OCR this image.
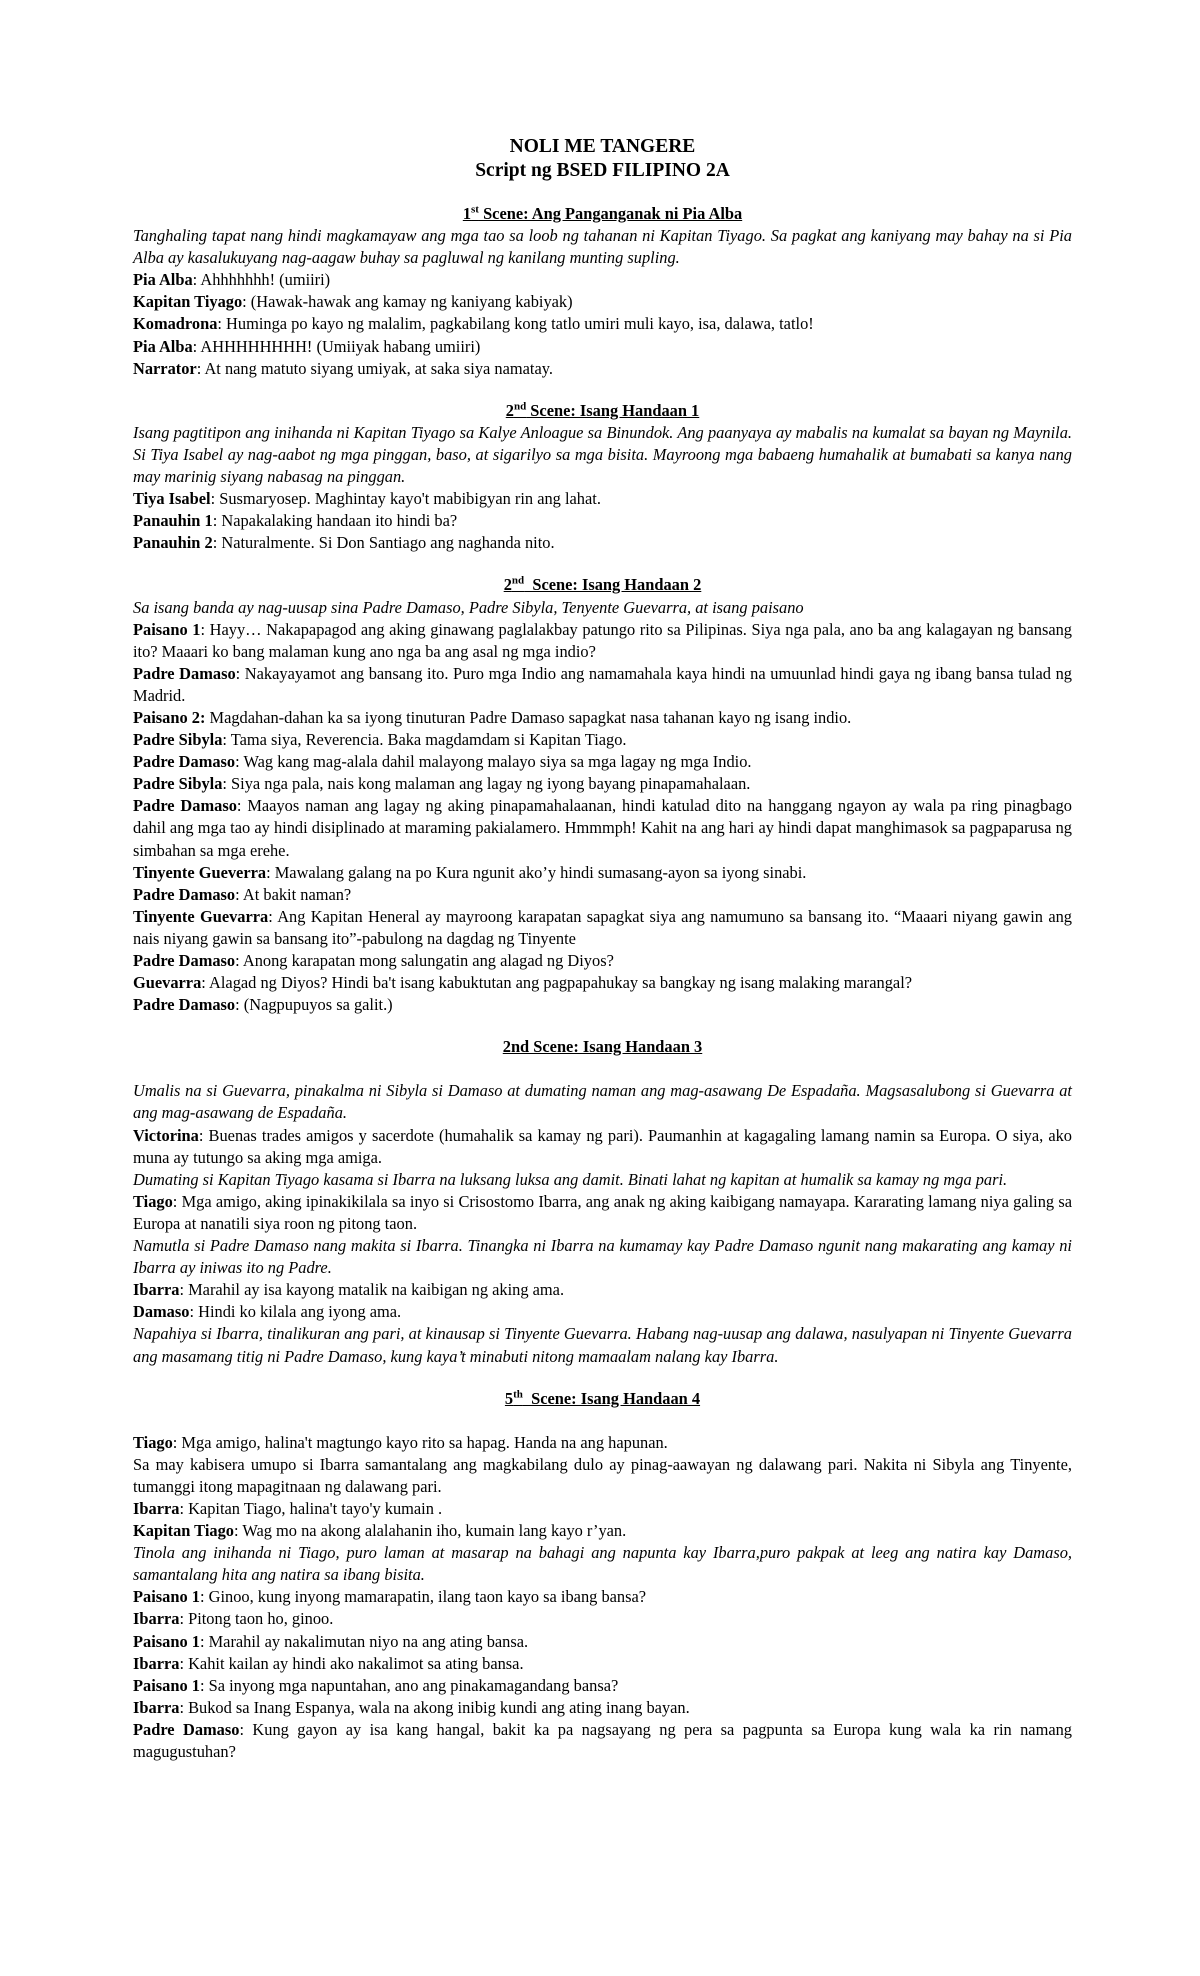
NOLI ME TANGERE
Script ng BSED FILIPINO 2A
1st Scene: Ang Panganganak ni Pia Alba

Tanghaling tapat nang hindi magkamayaw ang mga tao sa loob ng tahanan ni Kapitan Tiyago. Sa pagkat ang kaniyang may bahay na si Pia Alba ay kasalukuyang nag-aagaw buhay sa pagluwal ng kanilang munting supling.

Pia Alba: Ahhhhhhh! (umiiri)

Kapitan Tiyago: (Hawak-hawak ang kamay ng kaniyang kabiyak)

Komadrona: Huminga po kayo ng malalim, pagkabilang kong tatlo umiri muli kayo, isa, dalawa, tatlo!

Pia Alba: AHHHHHHHH! (Umiiyak habang umiiri)

Narrator: At nang matuto siyang umiyak, at saka siya namatay.

2nd Scene: Isang Handaan 1

Isang pagtitipon ang inihanda ni Kapitan Tiyago sa Kalye Anloague sa Binundok. Ang paanyaya ay mabalis na kumalat sa bayan ng Maynila. Si Tiya Isabel ay nag-aabot ng mga pinggan, baso, at sigarilyo sa mga bisita. Mayroong mga babaeng humahalik at bumabati sa kanya nang may marinig siyang nabasag na pinggan.

Tiya Isabel: Susmaryosep. Maghintay kayo't mabibigyan rin ang lahat.

Panauhin 1: Napakalaking handaan ito hindi ba?

Panauhin 2: Naturalmente. Si Don Santiago ang naghanda nito.

2nd  Scene: Isang Handaan 2

Sa isang banda ay nag-uusap sina Padre Damaso, Padre Sibyla, Tenyente Guevarra, at isang paisano

Paisano 1: Hayy… Nakapapagod ang aking ginawang paglalakbay patungo rito sa Pilipinas. Siya nga pala, ano ba ang kalagayan ng bansang ito? Maaari ko bang malaman kung ano nga ba ang asal ng mga indio?

Padre Damaso: Nakayayamot ang bansang ito. Puro mga Indio ang namamahala kaya hindi na umuunlad hindi gaya ng ibang bansa tulad ng Madrid.

Paisano 2: Magdahan-dahan ka sa iyong tinuturan Padre Damaso sapagkat nasa tahanan kayo ng isang indio.

Padre Sibyla: Tama siya, Reverencia. Baka magdamdam si Kapitan Tiago.

Padre Damaso: Wag kang mag-alala dahil malayong malayo siya sa mga lagay ng mga Indio.

Padre Sibyla: Siya nga pala, nais kong malaman ang lagay ng iyong bayang pinapamahalaan.

Padre Damaso: Maayos naman ang lagay ng aking pinapamahalaanan, hindi katulad dito na hanggang ngayon ay wala pa ring pinagbago dahil ang mga tao ay hindi disiplinado at maraming pakialamero. Hmmmph! Kahit na ang hari ay hindi dapat manghimasok sa pagpaparusa ng simbahan sa mga erehe.

Tinyente Gueverra: Mawalang galang na po Kura ngunit ako’y hindi sumasang-ayon sa iyong sinabi.

Padre Damaso: At bakit naman?

Tinyente Guevarra: Ang Kapitan Heneral ay mayroong karapatan sapagkat siya ang namumuno sa bansang ito. “Maaari niyang gawin ang nais niyang gawin sa bansang ito”-pabulong na dagdag ng Tinyente

Padre Damaso: Anong karapatan mong salungatin ang alagad ng Diyos?

Guevarra: Alagad ng Diyos? Hindi ba't isang kabuktutan ang pagpapahukay sa bangkay ng isang malaking marangal?

Padre Damaso: (Nagpupuyos sa galit.)

2nd Scene: Isang Handaan 3

Umalis na si Guevarra, pinakalma ni Sibyla si Damaso at dumating naman ang mag-asawang De Espadaña. Magsasalubong si Guevarra at ang mag-asawang de Espadaña.

Victorina: Buenas trades amigos y sacerdote (humahalik sa kamay ng pari). Paumanhin at kagagaling lamang namin sa Europa. O siya, ako muna ay tutungo sa aking mga amiga.

Dumating si Kapitan Tiyago kasama si Ibarra na luksang luksa ang damit. Binati lahat ng kapitan at humalik sa kamay ng mga pari.

Tiago: Mga amigo, aking ipinakikilala sa inyo si Crisostomo Ibarra, ang anak ng aking kaibigang namayapa. Kararating lamang niya galing sa Europa at nanatili siya roon ng pitong taon.

Namutla si Padre Damaso nang makita si Ibarra. Tinangka ni Ibarra na kumamay kay Padre Damaso ngunit nang makarating ang kamay ni Ibarra ay iniwas ito ng Padre.

Ibarra: Marahil ay isa kayong matalik na kaibigan ng aking ama.

Damaso: Hindi ko kilala ang iyong ama.

Napahiya si Ibarra, tinalikuran ang pari, at kinausap si Tinyente Guevarra. Habang nag-uusap ang dalawa, nasulyapan ni Tinyente Guevarra ang masamang titig ni Padre Damaso, kung kaya’t minabuti nitong mamaalam nalang kay Ibarra.

5th  Scene: Isang Handaan 4

Tiago: Mga amigo, halina't magtungo kayo rito sa hapag. Handa na ang hapunan.

Sa may kabisera umupo si Ibarra samantalang ang magkabilang dulo ay pinag-aawayan ng dalawang pari. Nakita ni Sibyla ang Tinyente, tumanggi itong mapagitnaan ng dalawang pari.

Ibarra: Kapitan Tiago, halina't tayo'y kumain .

Kapitan Tiago: Wag mo na akong alalahanin iho, kumain lang kayo r’yan.

Tinola ang inihanda ni Tiago, puro laman at masarap na bahagi ang napunta kay Ibarra,puro pakpak at leeg ang natira kay Damaso, samantalang hita ang natira sa ibang bisita.

Paisano 1: Ginoo, kung inyong mamarapatin, ilang taon kayo sa ibang bansa?

Ibarra: Pitong taon ho, ginoo.

Paisano 1: Marahil ay nakalimutan niyo na ang ating bansa.

Ibarra: Kahit kailan ay hindi ako nakalimot sa ating bansa.

Paisano 1: Sa inyong mga napuntahan, ano ang pinakamagandang bansa?

Ibarra: Bukod sa Inang Espanya, wala na akong inibig kundi ang ating inang bayan.

Padre Damaso: Kung gayon ay isa kang hangal, bakit ka pa nagsayang ng pera sa pagpunta sa Europa kung wala ka rin namang magugustuhan?
